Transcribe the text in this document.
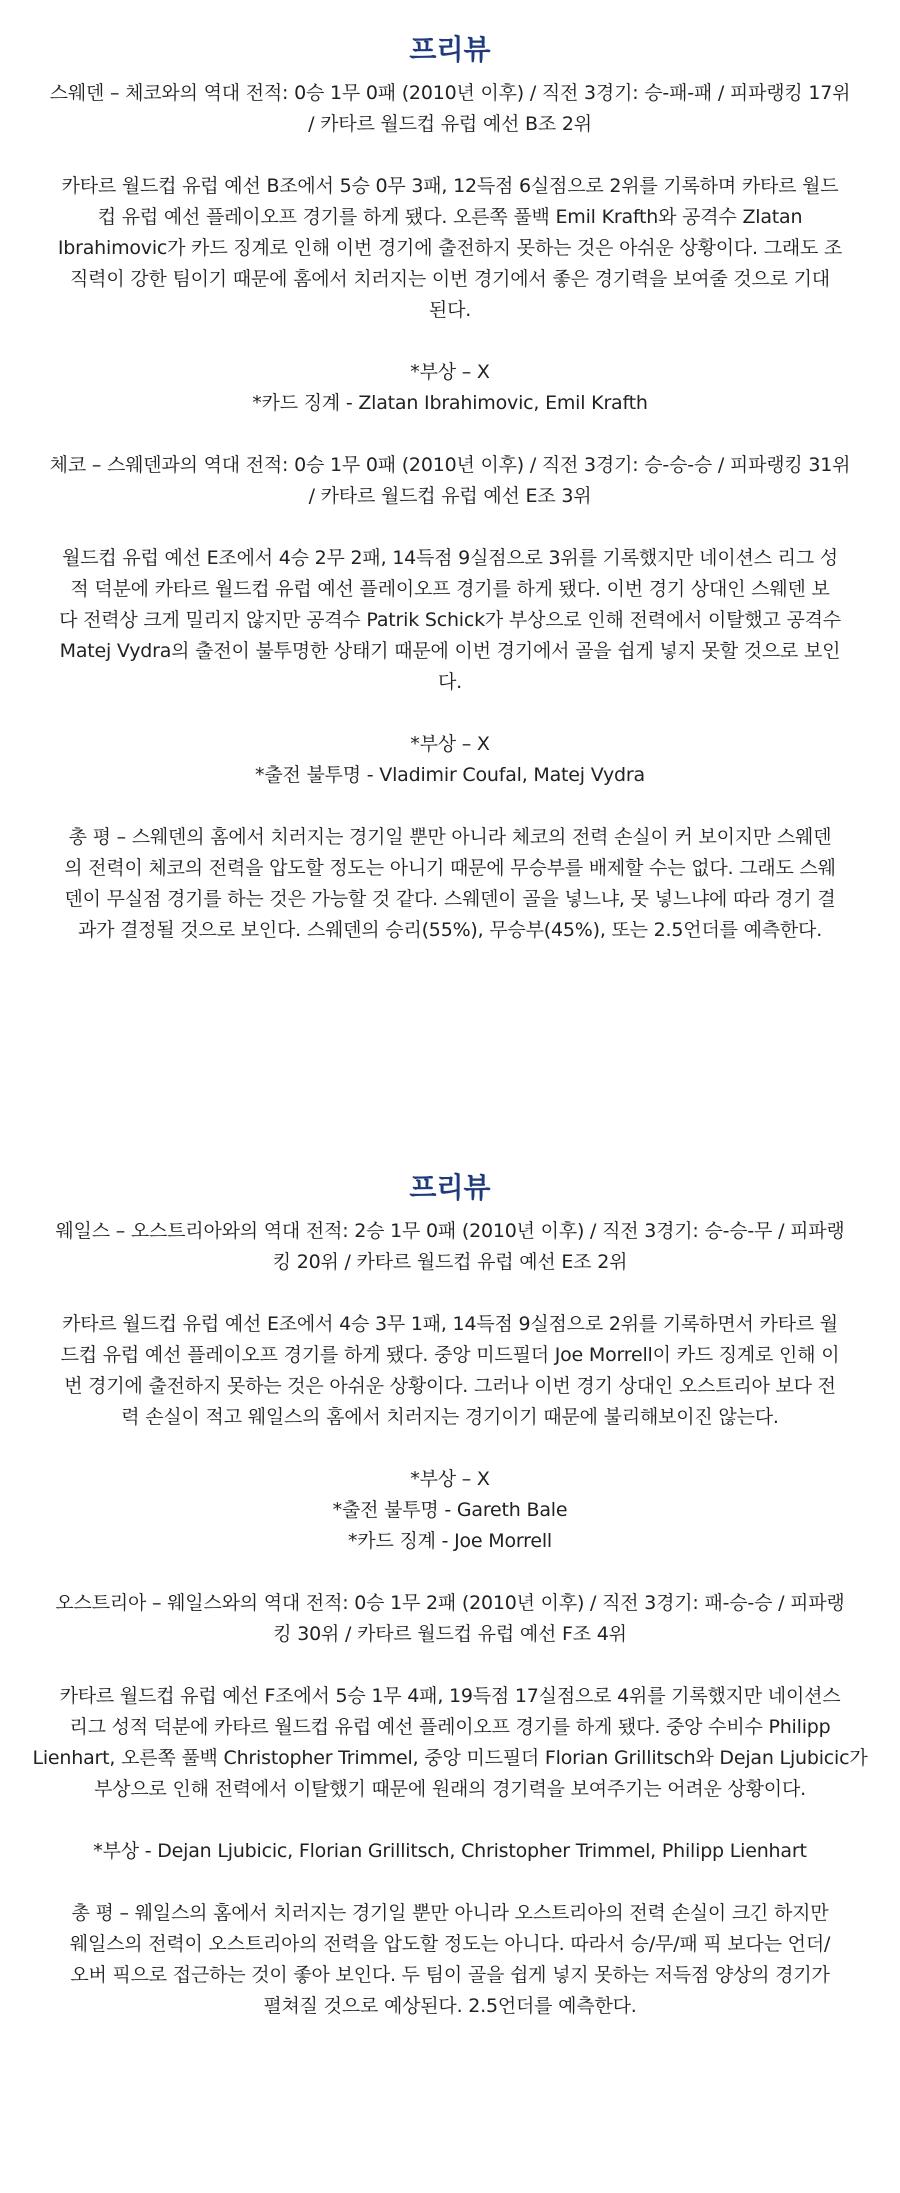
프리뷰

스웨덴 – 체코와의 역대 전적: 0승 1무 0패 (2010년 이후) / 직전 3경기: 승-패-패 / 피파랭킹 17위
/ 카타르 월드컵 유럽 예선 B조 2위

카타르 월드컵 유럽 예선 B조에서 5승 0무 3패, 12득점 6실점으로 2위를 기록하며 카타르 월드
컵 유럽 예선 플레이오프 경기를 하게 됐다. 오른쪽 풀백 Emil Krafth와 공격수 Zlatan
Ibrahimovic가 카드 징계로 인해 이번 경기에 출전하지 못하는 것은 아쉬운 상황이다. 그래도 조
직력이 강한 팀이기 때문에 홈에서 치러지는 이번 경기에서 좋은 경기력을 보여줄 것으로 기대
된다.

*부상 – X
*카드 징계 - Zlatan Ibrahimovic, Emil Krafth

체코 – 스웨덴과의 역대 전적: 0승 1무 0패 (2010년 이후) / 직전 3경기: 승-승-승 / 피파랭킹 31위
/ 카타르 월드컵 유럽 예선 E조 3위

월드컵 유럽 예선 E조에서 4승 2무 2패, 14득점 9실점으로 3위를 기록했지만 네이션스 리그 성
적 덕분에 카타르 월드컵 유럽 예선 플레이오프 경기를 하게 됐다. 이번 경기 상대인 스웨덴 보
다 전력상 크게 밀리지 않지만 공격수 Patrik Schick가 부상으로 인해 전력에서 이탈했고 공격수
Matej Vydra의 출전이 불투명한 상태기 때문에 이번 경기에서 골을 쉽게 넣지 못할 것으로 보인
다.

*부상 – X
*출전 불투명 - Vladimir Coufal, Matej Vydra

총 평 – 스웨덴의 홈에서 치러지는 경기일 뿐만 아니라 체코의 전력 손실이 커 보이지만 스웨덴
의 전력이 체코의 전력을 압도할 정도는 아니기 때문에 무승부를 배제할 수는 없다. 그래도 스웨
덴이 무실점 경기를 하는 것은 가능할 것 같다. 스웨덴이 골을 넣느냐, 못 넣느냐에 따라 경기 결
과가 결정될 것으로 보인다. 스웨덴의 승리(55%), 무승부(45%), 또는 2.5언더를 예측한다.

프리뷰

웨일스 – 오스트리아와의 역대 전적: 2승 1무 0패 (2010년 이후) / 직전 3경기: 승-승-무 / 피파랭
킹 20위 / 카타르 월드컵 유럽 예선 E조 2위

카타르 월드컵 유럽 예선 E조에서 4승 3무 1패, 14득점 9실점으로 2위를 기록하면서 카타르 월
드컵 유럽 예선 플레이오프 경기를 하게 됐다. 중앙 미드필더 Joe Morrell이 카드 징계로 인해 이
번 경기에 출전하지 못하는 것은 아쉬운 상황이다. 그러나 이번 경기 상대인 오스트리아 보다 전
력 손실이 적고 웨일스의 홈에서 치러지는 경기이기 때문에 불리해보이진 않는다.

*부상 – X
*출전 불투명 - Gareth Bale
*카드 징계 - Joe Morrell

오스트리아 – 웨일스와의 역대 전적: 0승 1무 2패 (2010년 이후) / 직전 3경기: 패-승-승 / 피파랭
킹 30위 / 카타르 월드컵 유럽 예선 F조 4위

카타르 월드컵 유럽 예선 F조에서 5승 1무 4패, 19득점 17실점으로 4위를 기록했지만 네이션스
리그 성적 덕분에 카타르 월드컵 유럽 예선 플레이오프 경기를 하게 됐다. 중앙 수비수 Philipp
Lienhart, 오른쪽 풀백 Christopher Trimmel, 중앙 미드필더 Florian Grillitsch와 Dejan Ljubicic가
부상으로 인해 전력에서 이탈했기 때문에 원래의 경기력을 보여주기는 어려운 상황이다.

*부상 - Dejan Ljubicic, Florian Grillitsch, Christopher Trimmel, Philipp Lienhart

총 평 – 웨일스의 홈에서 치러지는 경기일 뿐만 아니라 오스트리아의 전력 손실이 크긴 하지만
웨일스의 전력이 오스트리아의 전력을 압도할 정도는 아니다. 따라서 승/무/패 픽 보다는 언더/
오버 픽으로 접근하는 것이 좋아 보인다. 두 팀이 골을 쉽게 넣지 못하는 저득점 양상의 경기가
펼쳐질 것으로 예상된다. 2.5언더를 예측한다.
